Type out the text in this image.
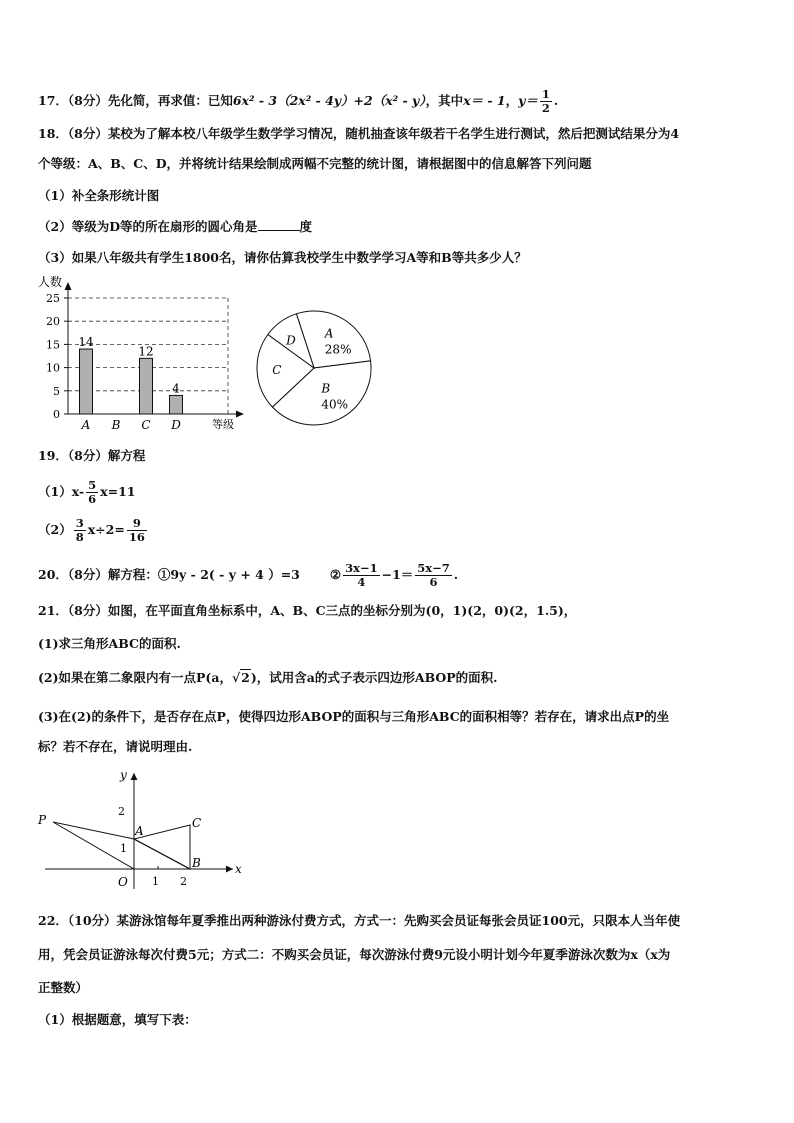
17．（8分）先化简，再求值：已知6x² - 3（2x² - 4y）+2（x² - y），其中x＝ - 1，$y= \frac{1}{2}$ .
18．（8分）某校为了解本校八年级学生数学学习情况，随机抽查该年级若干名学生进行测试，然后把测试结果分为4
个等级：A、B、C、D，并将统计结果绘制成两幅不完整的统计图，请根据图中的信息解答下列问题
（1）补全条形统计图
（2）等级为D等的所在扇形的圆心角是	度
（3）如果八年级共有学生1800名，请你估算我校学生中数学学习A等和B等共多少人？
人数
0
5
10
15
20
25
14
12
4
A B C D	等级
A
28%
B
40%
C
D
19．（8分）解方程
$(1)x- \frac{5}{6} x=11$
$(2) \frac{3}{8} x\div 2= \frac{9}{16}$
20．（8分）解方程：①9y - 2( - y + 4 ）=3 ② $\frac{3x-1}{4} -1= \frac{5x-7}{6}$ .
21．（8分）如图，在平面直角坐标系中，A、B、C三点的坐标分别为(0，1)(2，0)(2，1.5)，
(1)求三角形ABC的面积.
(2)如果在第二象限内有一点P(a，√2)，试用含a的式子表示四边形ABOP的面积.
(3)在(2)的条件下，是否存在点P，使得四边形ABOP的面积与三角形ABC的面积相等？若存在，请求出点P的坐
标？若不存在，请说明理由.
x
y
O 1 2
1
2
P
A
B
C
22．（10分）某游泳馆每年夏季推出两种游泳付费方式，方式一：先购买会员证每张会员证100元，只限本人当年使
用，凭会员证游泳每次付费5元；方式二：不购买会员证，每次游泳付费9元设小明计划今年夏季游泳次数为x（x为
正整数）
（1）根据题意，填写下表：
